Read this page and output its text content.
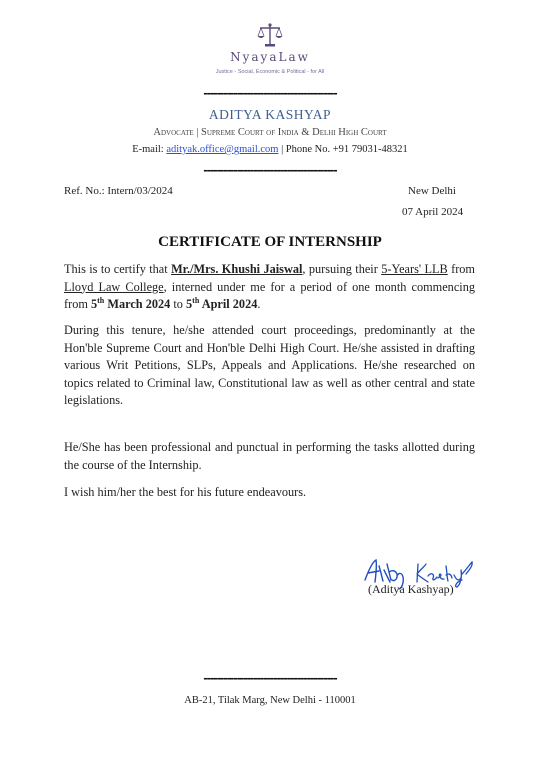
NyayaLaw
Justice - Social, Economic & Political - for All
----------------------------------------
ADITYA KASHYAP
Advocate | Supreme Court of India & Delhi High Court
E-mail: adityak.office@gmail.com | Phone No. +91 79031-48321
----------------------------------------
Ref. No.: Intern/03/2024	New Delhi
07 April 2024
CERTIFICATE OF INTERNSHIP
This is to certify that Mr./Mrs. Khushi Jaiswal, pursuing their 5-Years' LLB from Lloyd Law College, interned under me for a period of one month commencing from 5th March 2024 to 5th April 2024.
During this tenure, he/she attended court proceedings, predominantly at the Hon'ble Supreme Court and Hon'ble Delhi High Court. He/she assisted in drafting various Writ Petitions, SLPs, Appeals and Applications. He/she researched on topics related to Criminal law, Constitutional law as well as other central and state legislations.
He/She has been professional and punctual in performing the tasks allotted during the course of the Internship.
I wish him/her the best for his future endeavours.
(Aditya Kashyap)
----------------------------------------
AB-21, Tilak Marg, New Delhi - 110001
